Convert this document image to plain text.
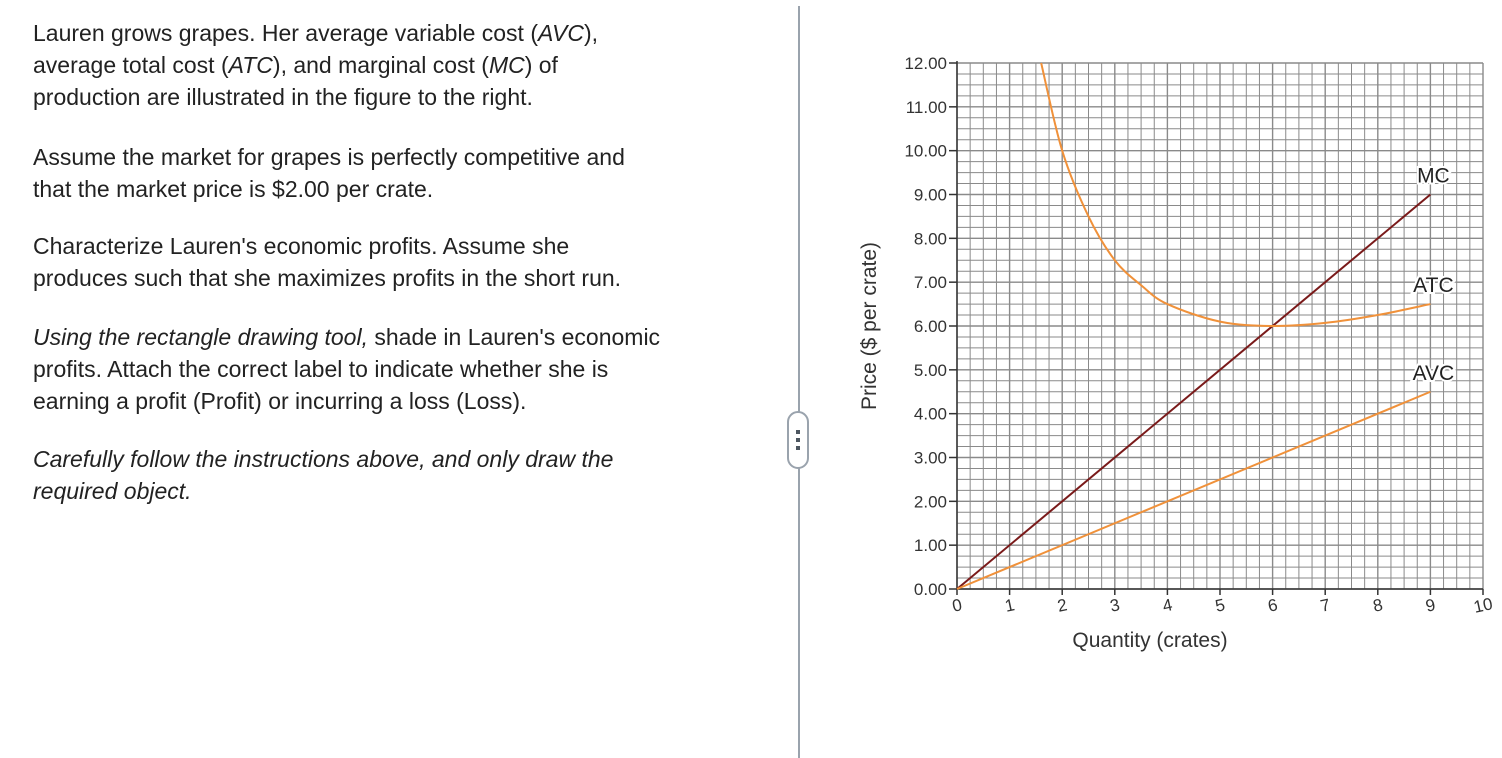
Lauren grows grapes. Her average variable cost (AVC),
average total cost (ATC), and marginal cost (MC) of
production are illustrated in the figure to the right.

Assume the market for grapes is perfectly competitive and
that the market price is $2.00 per crate.

Characterize Lauren's economic profits. Assume she
produces such that she maximizes profits in the short run.

Using the rectangle drawing tool, shade in Lauren's economic
profits. Attach the correct label to indicate whether she is
earning a profit (Profit) or incurring a loss (Loss).

Carefully follow the instructions above, and only draw the
required object.

0.00
1.00
2.00
3.00
4.00
5.00
6.00
7.00
8.00
9.00
10.00
11.00
12.00
0 1 2 3 4 5 6 7 8 9 10
Quantity (crates)
Price ($ per crate)
MC
ATC
AVC
